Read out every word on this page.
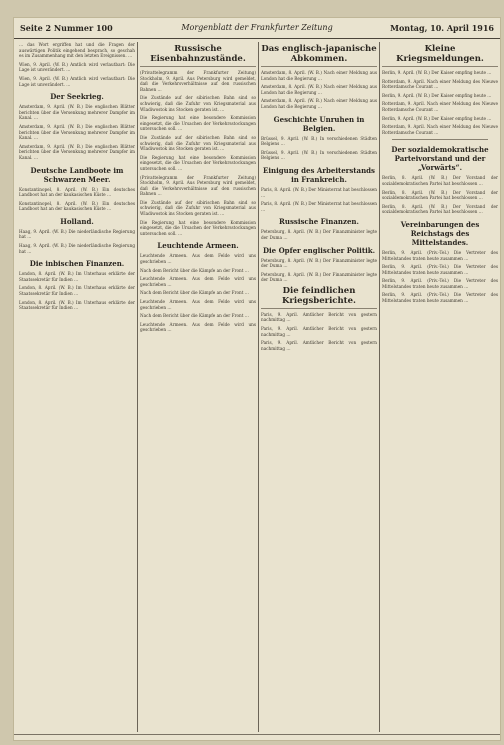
Seite 2 Nummer 100	Morgenblatt der Frankfurter Zeitung	Montag, 10. April 1916

… das Wort ergriffen hat und die Fragen der auswärtigen Politik eingehend besprach, so geschah es im Zusammenhang mit den letzten Ereignissen. …

Wien, 9. April. (W. B.) Amtlich wird verlautbart: Die Lage ist unverändert. …

Wien, 9. April. (W. B.) Amtlich wird verlautbart: Die Lage ist unverändert. …

Der Seekrieg.

Amsterdam, 9. April. (W. B.) Die englischen Blätter berichten über die Versenkung mehrerer Dampfer im Kanal. …

Amsterdam, 9. April. (W. B.) Die englischen Blätter berichten über die Versenkung mehrerer Dampfer im Kanal. …

Amsterdam, 9. April. (W. B.) Die englischen Blätter berichten über die Versenkung mehrerer Dampfer im Kanal. …

Deutsche Landboote im Schwarzen Meer.

Konstantinopel, 8. April. (W. B.) Ein deutsches Landboot hat an der kaukasischen Küste …

Konstantinopel, 8. April. (W. B.) Ein deutsches Landboot hat an der kaukasischen Küste …

Holland.

Haag, 9. April. (W. B.) Die niederländische Regierung hat …

Haag, 9. April. (W. B.) Die niederländische Regierung hat …

Die inbischen Finanzen.

London, 8. April. (W. B.) Im Unterhaus erklärte der Staatssekretär für Indien …

London, 8. April. (W. B.) Im Unterhaus erklärte der Staatssekretär für Indien …

London, 8. April. (W. B.) Im Unterhaus erklärte der Staatssekretär für Indien …

Russische Eisenbahnzustände.

(Privattelegramm der Frankfurter Zeitung) Stockholm, 9. April. Aus Petersburg wird gemeldet, daß die Verkehrsverhältnisse auf den russischen Bahnen …

Die Zustände auf der sibirischen Bahn sind so schwierig, daß die Zufuhr von Kriegsmaterial aus Wladiwostok ins Stocken geraten ist. …

Die Regierung hat eine besondere Kommission eingesetzt, die die Ursachen der Verkehrsstockungen untersuchen soll. …

Die Zustände auf der sibirischen Bahn sind so schwierig, daß die Zufuhr von Kriegsmaterial aus Wladiwostok ins Stocken geraten ist. …

Die Regierung hat eine besondere Kommission eingesetzt, die die Ursachen der Verkehrsstockungen untersuchen soll. …

(Privattelegramm der Frankfurter Zeitung) Stockholm, 9. April. Aus Petersburg wird gemeldet, daß die Verkehrsverhältnisse auf den russischen Bahnen …

Die Zustände auf der sibirischen Bahn sind so schwierig, daß die Zufuhr von Kriegsmaterial aus Wladiwostok ins Stocken geraten ist. …

Die Regierung hat eine besondere Kommission eingesetzt, die die Ursachen der Verkehrsstockungen untersuchen soll. …

Leuchtende Armeen.

Leuchtende Armeen. Aus dem Felde wird uns geschrieben …

Nach dem Bericht über die Kämpfe an der Front …

Leuchtende Armeen. Aus dem Felde wird uns geschrieben …

Nach dem Bericht über die Kämpfe an der Front …

Leuchtende Armeen. Aus dem Felde wird uns geschrieben …

Nach dem Bericht über die Kämpfe an der Front …

Leuchtende Armeen. Aus dem Felde wird uns geschrieben …

Das englisch-japanische Abkommen.

Amsterdam, 8. April. (W. B.) Nach einer Meldung aus London hat die Regierung …

Amsterdam, 8. April. (W. B.) Nach einer Meldung aus London hat die Regierung …

Amsterdam, 8. April. (W. B.) Nach einer Meldung aus London hat die Regierung …

Geschichte Unruhen in Belgien.

Brüssel, 9. April. (W. B.) In verschiedenen Städten Belgiens …

Brüssel, 9. April. (W. B.) In verschiedenen Städten Belgiens …

Einigung des Arbeiterstands in Frankreich.

Paris, 8. April. (W. B.) Der Ministerrat hat beschlossen …

Paris, 8. April. (W. B.) Der Ministerrat hat beschlossen …

Russische Finanzen.

Petersburg, 8. April. (W. B.) Der Finanzminister legte der Duma …

Die Opfer englischer Politik.

Petersburg, 8. April. (W. B.) Der Finanzminister legte der Duma …

Petersburg, 8. April. (W. B.) Der Finanzminister legte der Duma …

Die feindlichen Kriegsberichte.

Paris, 9. April. Amtlicher Bericht von gestern nachmittag …

Paris, 9. April. Amtlicher Bericht von gestern nachmittag …

Paris, 9. April. Amtlicher Bericht von gestern nachmittag …

Kleine Kriegsmeldungen.

Berlin, 9. April. (W. B.) Der Kaiser empfing heute …

Rotterdam, 9. April. Nach einer Meldung des Nieuwe Rotterdamsche Courant …

Berlin, 9. April. (W. B.) Der Kaiser empfing heute …

Rotterdam, 9. April. Nach einer Meldung des Nieuwe Rotterdamsche Courant …

Berlin, 9. April. (W. B.) Der Kaiser empfing heute …

Rotterdam, 9. April. Nach einer Meldung des Nieuwe Rotterdamsche Courant …

Der sozialdemokratische Parteivorstand und der „Vorwärts“.

Berlin, 8. April. (W. B.) Der Vorstand der sozialdemokratischen Partei hat beschlossen …

Berlin, 8. April. (W. B.) Der Vorstand der sozialdemokratischen Partei hat beschlossen …

Berlin, 8. April. (W. B.) Der Vorstand der sozialdemokratischen Partei hat beschlossen …

Vereinbarungen des Reichstags des Mittelstandes.

Berlin, 9. April. (Priv.-Tel.) Die Vertreter des Mittelstandes traten heute zusammen …

Berlin, 9. April. (Priv.-Tel.) Die Vertreter des Mittelstandes traten heute zusammen …

Berlin, 9. April. (Priv.-Tel.) Die Vertreter des Mittelstandes traten heute zusammen …

Berlin, 9. April. (Priv.-Tel.) Die Vertreter des Mittelstandes traten heute zusammen …
